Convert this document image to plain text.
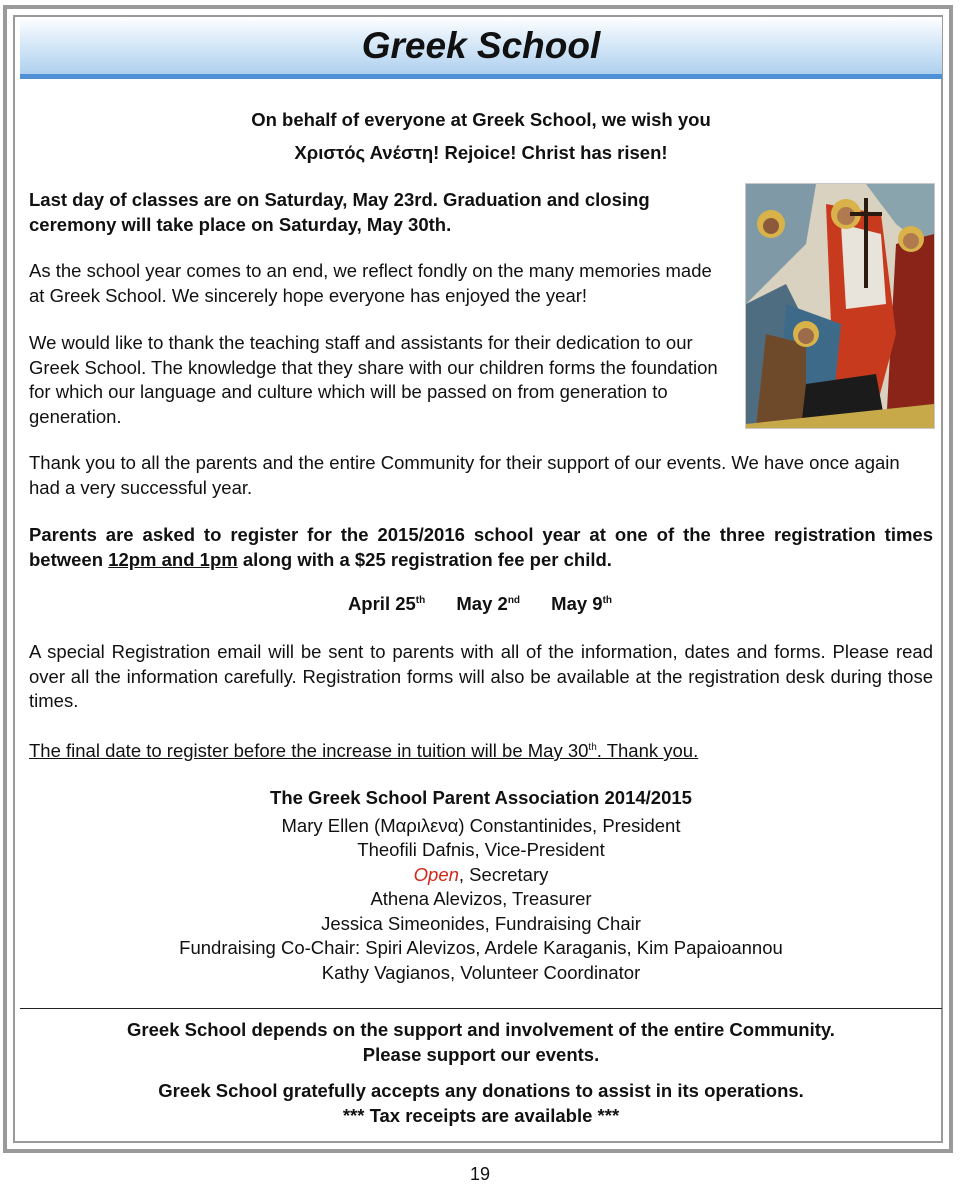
Greek School

On behalf of everyone at Greek School, we wish you

Χριστός Ανέστη! Rejoice! Christ has risen!

Last day of classes are on Saturday, May 23rd. Graduation and closing ceremony will take place on Saturday, May 30th.

As the school year comes to an end, we reflect fondly on the many memories made at Greek School. We sincerely hope everyone has enjoyed the year!

We would like to thank the teaching staff and assistants for their dedication to our Greek School. The knowledge that they share with our children forms the foundation for which our language and culture which will be passed on from generation to generation.

Thank you to all the parents and the entire Community for their support of our events. We have once again had a very successful year.

Parents are asked to register for the 2015/2016 school year at one of the three registration times between 12pm and 1pm along with a $25 registration fee per child.

April 25th May 2nd May 9th

A special Registration email will be sent to parents with all of the information, dates and forms. Please read over all the information carefully. Registration forms will also be available at the registration desk during those times.

The final date to register before the increase in tuition will be May 30th. Thank you.

The Greek School Parent Association 2014/2015

Mary Ellen (Μαριλενα) Constantinides, President

Theofili Dafnis, Vice-President

Open, Secretary

Athena Alevizos, Treasurer

Jessica Simeonides, Fundraising Chair

Fundraising Co-Chair: Spiri Alevizos, Ardele Karaganis, Kim Papaioannou

Kathy Vagianos, Volunteer Coordinator

Greek School depends on the support and involvement of the entire Community.

Please support our events.

Greek School gratefully accepts any donations to assist in its operations.

*** Tax receipts are available ***

19
